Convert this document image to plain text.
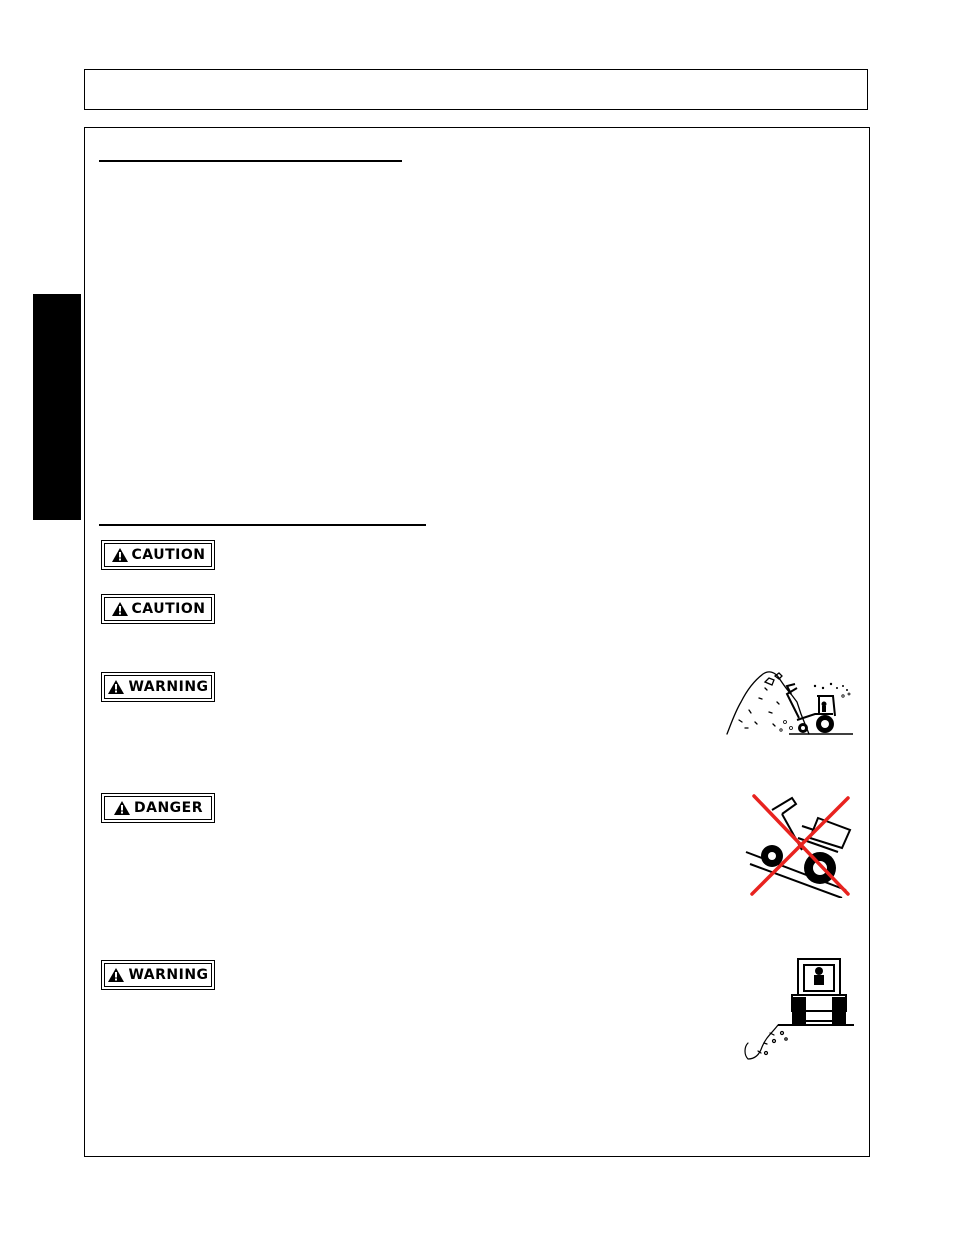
CAUTION
CAUTION
WARNING
DANGER
WARNING
